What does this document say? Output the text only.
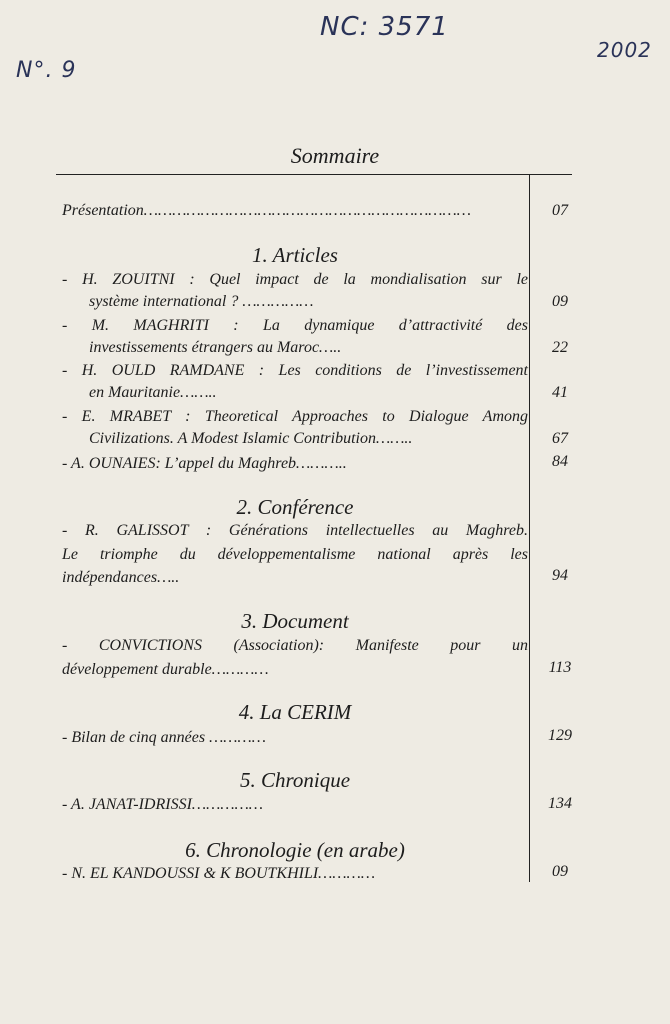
NC: 3571
N°. 9
2002
Sommaire
Présentation……………………………………………………………	07
1. Articles
- H. ZOUITNI : Quel impact de la mondialisation sur le
système international ? ……………	09
- M. MAGHRITI : La dynamique d’attractivité des
investissements étrangers au Maroc…..	22
- H. OULD RAMDANE : Les conditions de l’investissement
en Mauritanie……..	41
- E. MRABET : Theoretical Approaches to Dialogue Among
Civilizations. A Modest Islamic Contribution……..	67
- A. OUNAIES: L’appel du Maghreb………..	84
2. Conférence
- R. GALISSOT : Générations intellectuelles au Maghreb.
Le triomphe du développementalisme national après les
indépendances…..	94
3. Document
- CONVICTIONS (Association): Manifeste pour un
développement durable…………	113
4. La CERIM
- Bilan de cinq années …………	129
5. Chronique
- A. JANAT-IDRISSI……………	134
6. Chronologie (en arabe)
- N. EL KANDOUSSI & K BOUTKHILI…………	09
